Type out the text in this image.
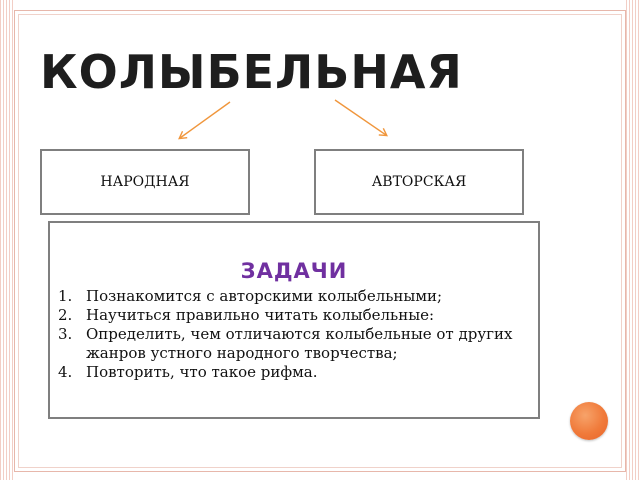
КОЛЫБЕЛЬНАЯ
НАРОДНАЯ	АВТОРСКАЯ
ЗАДАЧИ
1. Познакомится с авторскими колыбельными;
2. Научиться правильно читать колыбельные:
3. Определить, чем отличаются колыбельные от других жанров устного народного творчества;
4. Повторить, что такое рифма.
